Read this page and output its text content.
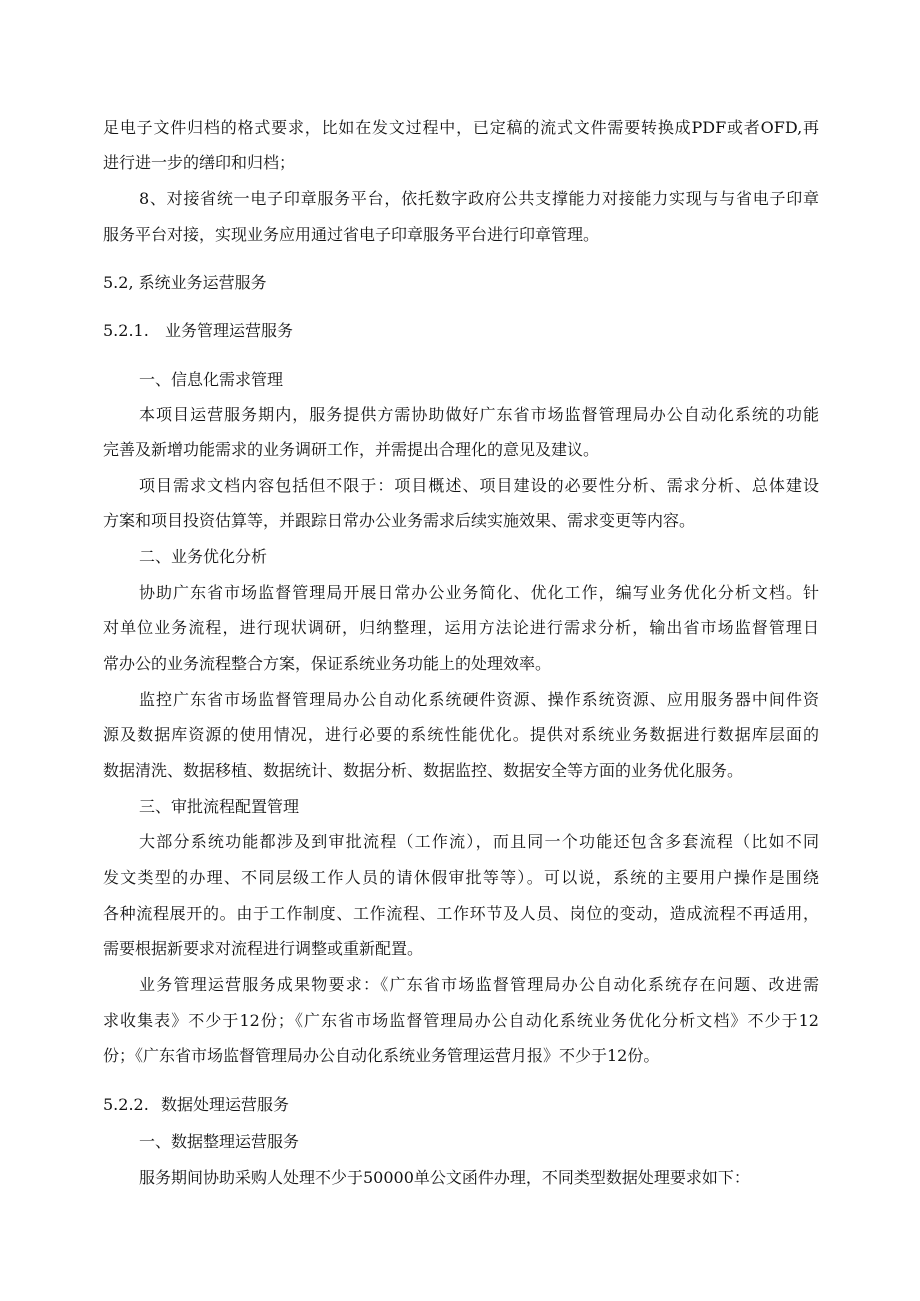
足电子文件归档的格式要求，比如在发文过程中，已定稿的流式文件需要转换成PDF或者OFD,再
进行进一步的缮印和归档；
8、对接省统一电子印章服务平台，依托数字政府公共支撑能力对接能力实现与与省电子印章
服务平台对接，实现业务应用通过省电子印章服务平台进行印章管理。
5.2, 系统业务运营服务
5.2.1. 业务管理运营服务
一、信息化需求管理
本项目运营服务期内，服务提供方需协助做好广东省市场监督管理局办公自动化系统的功能
完善及新增功能需求的业务调研工作，并需提出合理化的意见及建议。
项目需求文档内容包括但不限于：项目概述、项目建设的必要性分析、需求分析、总体建设
方案和项目投资估算等，并跟踪日常办公业务需求后续实施效果、需求变更等内容。
二、业务优化分析
协助广东省市场监督管理局开展日常办公业务简化、优化工作，编写业务优化分析文档。针
对单位业务流程，进行现状调研，归纳整理，运用方法论进行需求分析，输出省市场监督管理日
常办公的业务流程整合方案，保证系统业务功能上的处理效率。
监控广东省市场监督管理局办公自动化系统硬件资源、操作系统资源、应用服务器中间件资
源及数据库资源的使用情况，进行必要的系统性能优化。提供对系统业务数据进行数据库层面的
数据清洗、数据移植、数据统计、数据分析、数据监控、数据安全等方面的业务优化服务。
三、审批流程配置管理
大部分系统功能都涉及到审批流程（工作流），而且同一个功能还包含多套流程（比如不同
发文类型的办理、不同层级工作人员的请休假审批等等）。可以说，系统的主要用户操作是围绕
各种流程展开的。由于工作制度、工作流程、工作环节及人员、岗位的变动，造成流程不再适用，
需要根据新要求对流程进行调整或重新配置。
业务管理运营服务成果物要求：《广东省市场监督管理局办公自动化系统存在问题、改进需
求收集表》不少于12份；《广东省市场监督管理局办公自动化系统业务优化分析文档》不少于12
份；《广东省市场监督管理局办公自动化系统业务管理运营月报》不少于12份。
5.2.2. 数据处理运营服务
一、数据整理运营服务
服务期间协助采购人处理不少于50000单公文函件办理，不同类型数据处理要求如下：
